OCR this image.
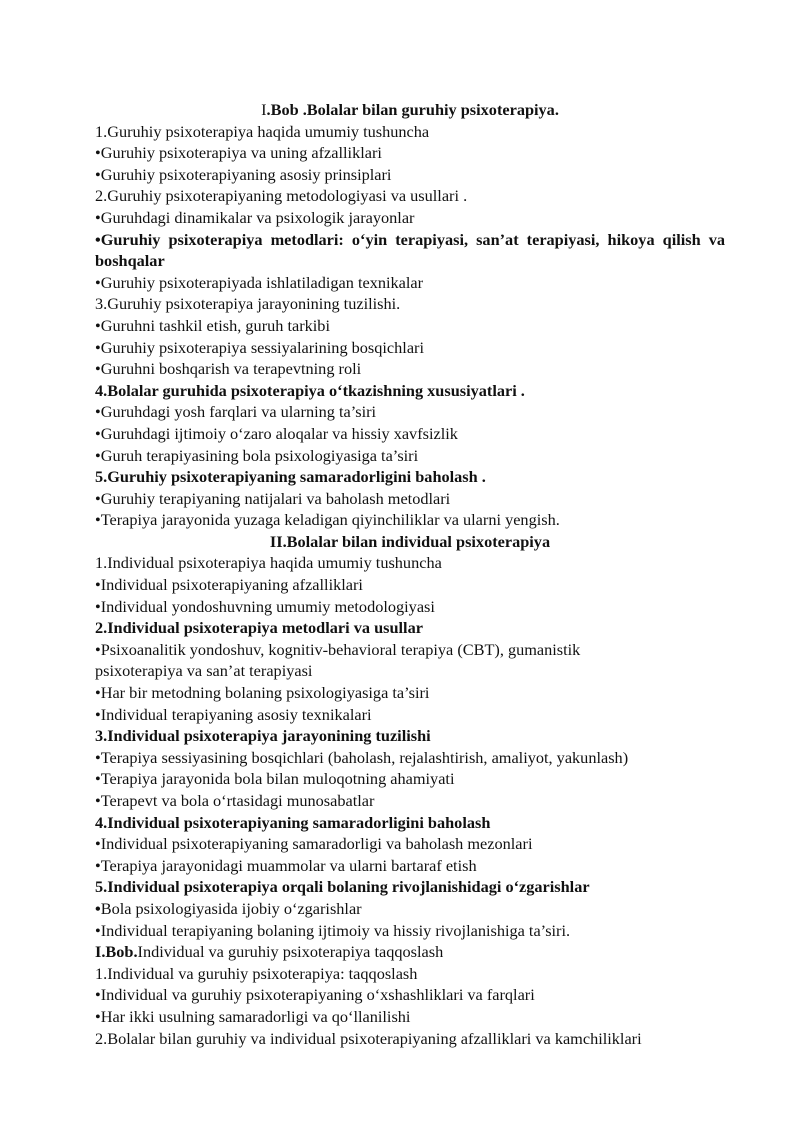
I.Bob .Bolalar bilan guruhiy psixoterapiya.
1.Guruhiy psixoterapiya haqida umumiy tushuncha
•Guruhiy psixoterapiya va uning afzalliklari
•Guruhiy psixoterapiyaning asosiy prinsiplari
2.Guruhiy psixoterapiyaning metodologiyasi va usullari .
•Guruhdagi dinamikalar va psixologik jarayonlar
•Guruhiy psixoterapiya metodlari: o‘yin terapiyasi, san’at terapiyasi, hikoya qilish va boshqalar
•Guruhiy psixoterapiyada ishlatiladigan texnikalar
3.Guruhiy psixoterapiya jarayonining tuzilishi.
•Guruhni tashkil etish, guruh tarkibi
•Guruhiy psixoterapiya sessiyalarining bosqichlari
•Guruhni boshqarish va terapevtning roli
4.Bolalar guruhida psixoterapiya o‘tkazishning xususiyatlari .
•Guruhdagi yosh farqlari va ularning ta’siri
•Guruhdagi ijtimoiy o‘zaro aloqalar va hissiy xavfsizlik
•Guruh terapiyasining bola psixologiyasiga ta’siri
5.Guruhiy psixoterapiyaning samaradorligini baholash .
•Guruhiy terapiyaning natijalari va baholash metodlari
•Terapiya jarayonida yuzaga keladigan qiyinchiliklar va ularni yengish.
II.Bolalar bilan individual psixoterapiya
1.Individual psixoterapiya haqida umumiy tushuncha
•Individual psixoterapiyaning afzalliklari
•Individual yondoshuvning umumiy metodologiyasi
2.Individual psixoterapiya metodlari va usullar
•Psixoanalitik yondoshuv, kognitiv-behavioral terapiya (CBT), gumanistik
psixoterapiya va san’at terapiyasi
•Har bir metodning bolaning psixologiyasiga ta’siri
•Individual terapiyaning asosiy texnikalari
3.Individual psixoterapiya jarayonining tuzilishi
•Terapiya sessiyasining bosqichlari (baholash, rejalashtirish, amaliyot, yakunlash)
•Terapiya jarayonida bola bilan muloqotning ahamiyati
•Terapevt va bola o‘rtasidagi munosabatlar
4.Individual psixoterapiyaning samaradorligini baholash
•Individual psixoterapiyaning samaradorligi va baholash mezonlari
•Terapiya jarayonidagi muammolar va ularni bartaraf etish
5.Individual psixoterapiya orqali bolaning rivojlanishidagi o‘zgarishlar
•Bola psixologiyasida ijobiy o‘zgarishlar
•Individual terapiyaning bolaning ijtimoiy va hissiy rivojlanishiga ta’siri.
I.Bob.Individual va guruhiy psixoterapiya taqqoslash
1.Individual va guruhiy psixoterapiya: taqqoslash
•Individual va guruhiy psixoterapiyaning o‘xshashliklari va farqlari
•Har ikki usulning samaradorligi va qo‘llanilishi
2.Bolalar bilan guruhiy va individual psixoterapiyaning afzalliklari va kamchiliklari
